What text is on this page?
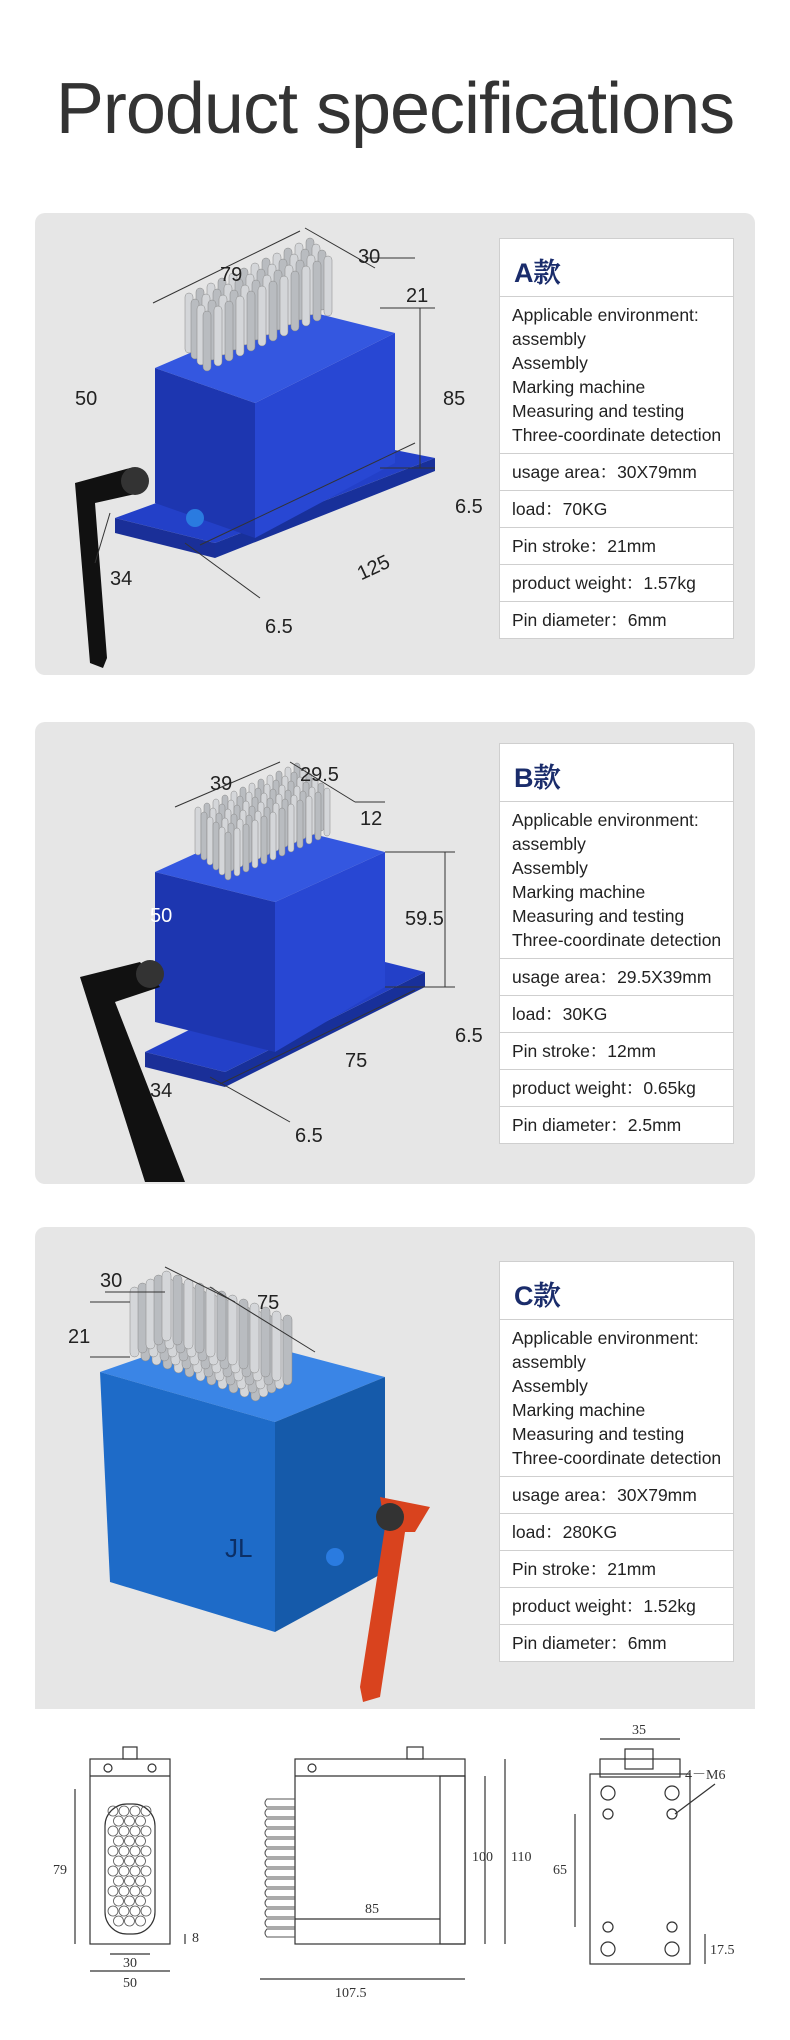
Product specifications
79
30
21
85
50
6.5
125
34
6.5
A款
Applicable environment:
assembly
Assembly
Marking machine
Measuring and testing
Three-coordinate detection
usage area：30X79mm
load：70KG
Pin stroke：21mm
product weight：1.57kg
Pin diameter：6mm
39	29.5
12
59.5
50
6.5
75
34
6.5
B款
Applicable environment:
assembly
Assembly
Marking machine
Measuring and testing
Three-coordinate detection
usage area：29.5X39mm
load：30KG
Pin stroke：12mm
product weight：0.65kg
Pin diameter：2.5mm
JL
30
75
21
C款
Applicable environment:
assembly
Assembly
Marking machine
Measuring and testing
Three-coordinate detection
usage area：30X79mm
load：280KG
Pin stroke：21mm
product weight：1.52kg
Pin diameter：6mm
79
30
50
8
85
107.5
100 110
35
4－M6
65
17.5
